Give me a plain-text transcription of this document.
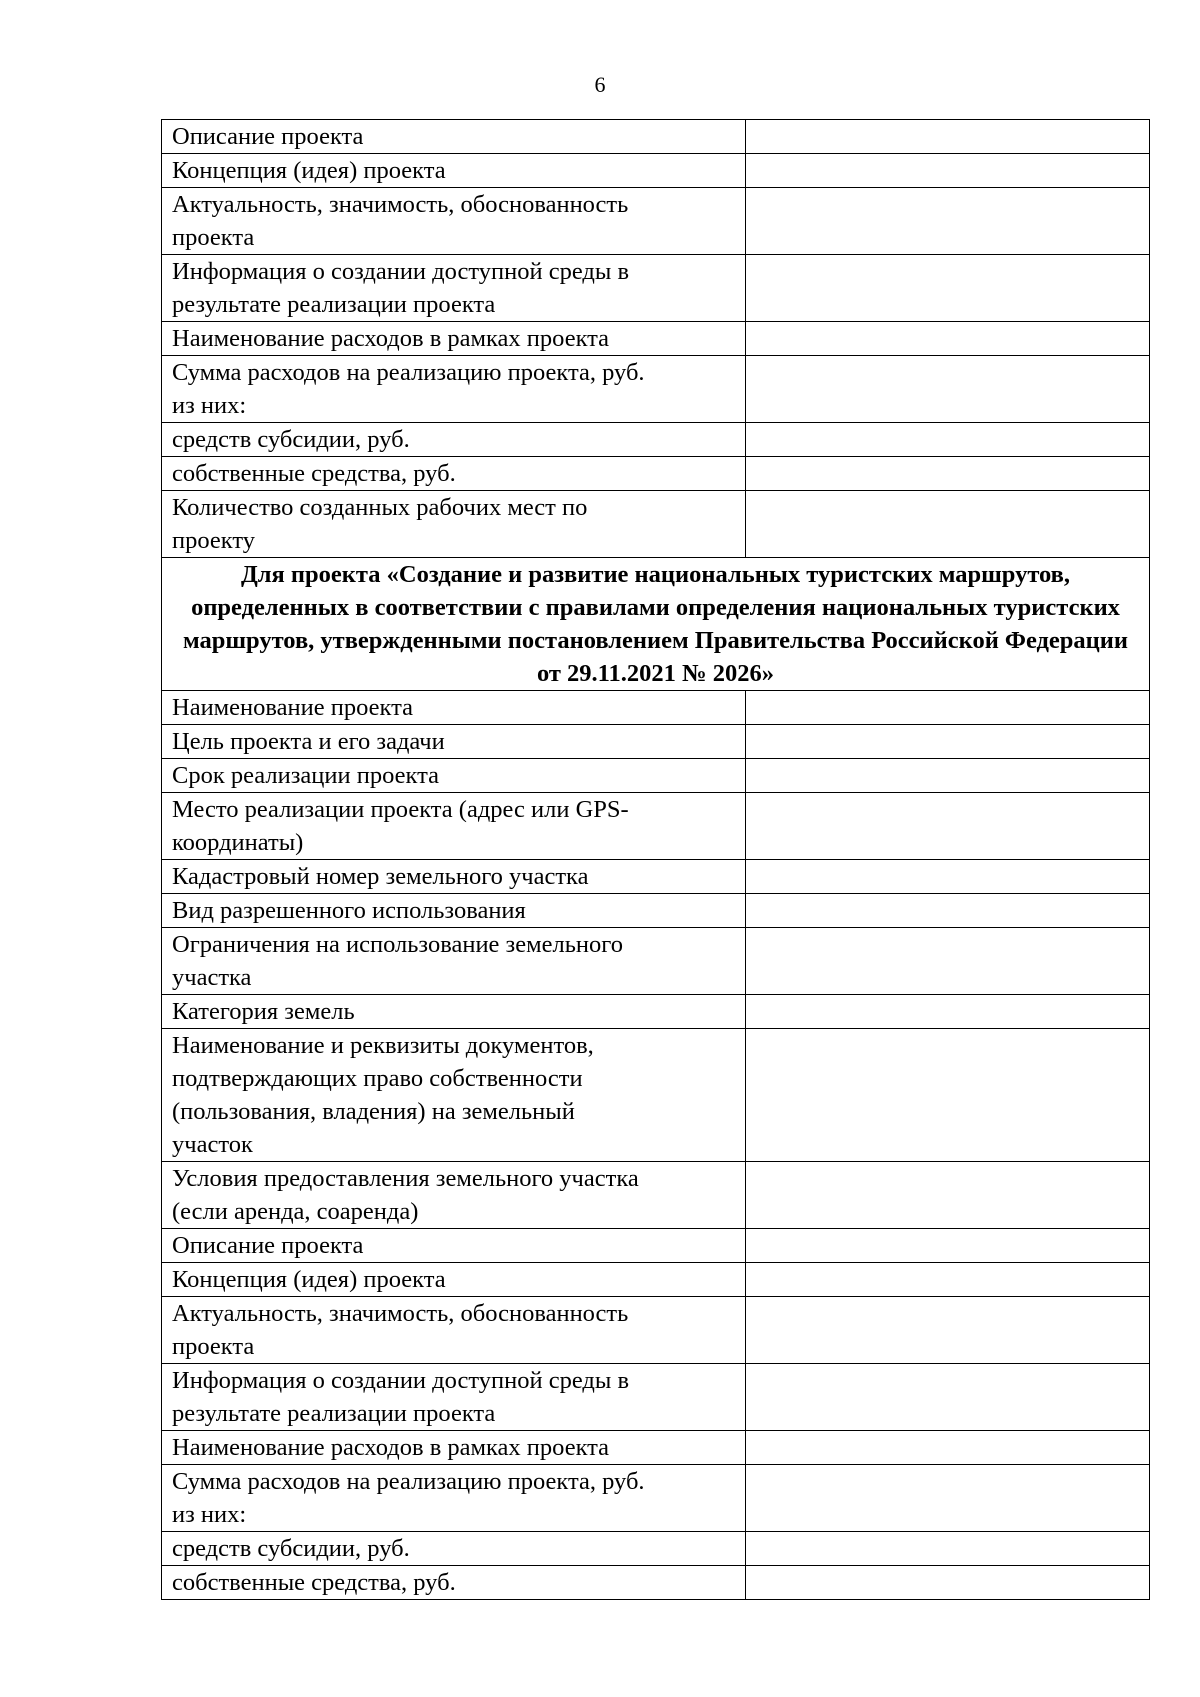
6
Описание проекта	

Концепция (идея) проекта	

Актуальность, значимость, обоснованность
проекта	

Информация о создании доступной среды в
результате реализации проекта	

Наименование расходов в рамках проекта	

Сумма расходов на реализацию проекта, руб.
из них:	

средств субсидии, руб.	

собственные средства, руб.	

Количество созданных рабочих мест по
проекту	

Для проекта «Создание и развитие национальных туристских маршрутов, определенных в соответствии с правилами определения национальных туристских маршрутов, утвержденными постановлением Правительства Российской Федерации от 29.11.2021 № 2026»	

Наименование проекта	

Цель проекта и его задачи	

Срок реализации проекта	

Место реализации проекта (адрес или GPS-
координаты)	

Кадастровый номер земельного участка	

Вид разрешенного использования	

Ограничения на использование земельного
участка	

Категория земель	

Наименование и реквизиты документов,
подтверждающих право собственности
(пользования, владения) на земельный
участок	

Условия предоставления земельного участка
(если аренда, соаренда)	

Описание проекта	

Концепция (идея) проекта	

Актуальность, значимость, обоснованность
проекта	

Информация о создании доступной среды в
результате реализации проекта	

Наименование расходов в рамках проекта	

Сумма расходов на реализацию проекта, руб.
из них:	

средств субсидии, руб.	

собственные средства, руб.	
